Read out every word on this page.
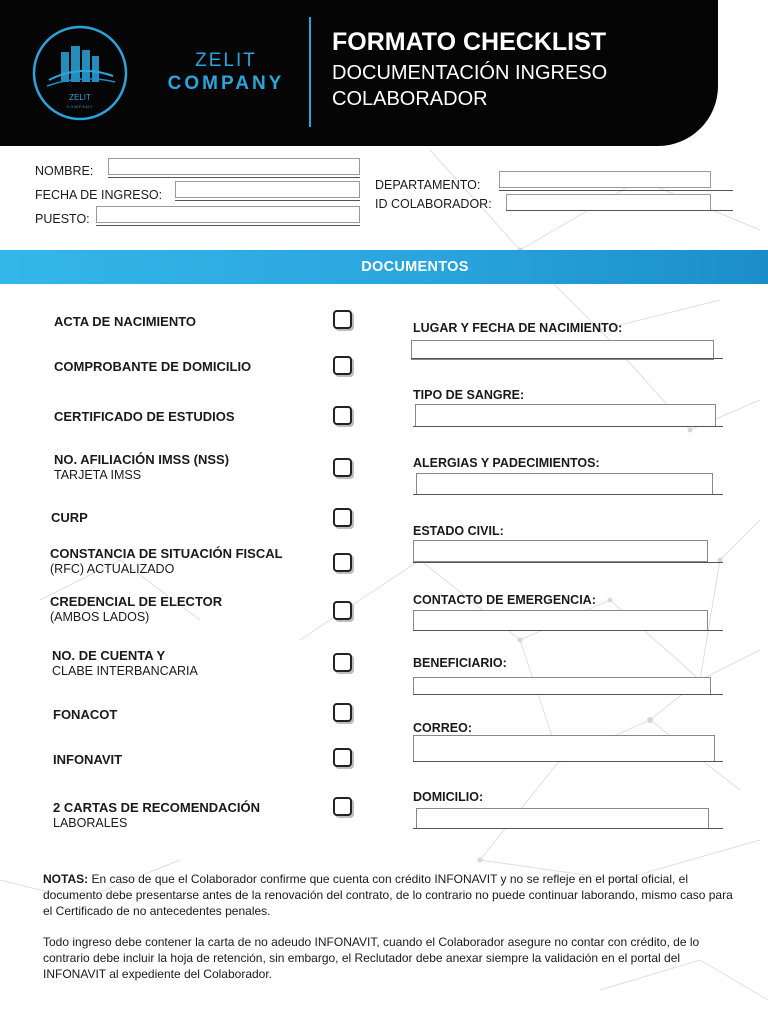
ZELIT
COMPANY
ZELIT
COMPANY
FORMATO CHECKLIST
DOCUMENTACIÓN INGRESO
COLABORADOR
NOMBRE:
FECHA DE INGRESO:
PUESTO:
DEPARTAMENTO:
ID COLABORADOR:
DOCUMENTOS
ACTA DE NACIMIENTO
COMPROBANTE DE DOMICILIO
CERTIFICADO DE ESTUDIOS
NO. AFILIACIÓN IMSS (NSS)
TARJETA IMSS
CURP
CONSTANCIA DE SITUACIÓN FISCAL
(RFC) ACTUALIZADO
CREDENCIAL DE ELECTOR
(AMBOS LADOS)
NO. DE CUENTA Y
CLABE INTERBANCARIA
FONACOT
INFONAVIT
2 CARTAS DE RECOMENDACIÓN
LABORALES
LUGAR Y FECHA DE NACIMIENTO:
TIPO DE SANGRE:
ALERGIAS Y PADECIMIENTOS:
ESTADO CIVIL:
CONTACTO DE EMERGENCIA:
BENEFICIARIO:
CORREO:
DOMICILIO:

NOTAS: En caso de que el Colaborador confirme que cuenta con crédito INFONAVIT y no se refleje en el portal oficial, el documento debe presentarse antes de la renovación del contrato, de lo contrario no puede continuar laborando, mismo caso para el Certificado de no antecedentes penales.

Todo ingreso debe contener la carta de no adeudo INFONAVIT, cuando el Colaborador asegure no contar con crédito, de lo contrario debe incluir la hoja de retención, sin embargo, el Reclutador debe anexar siempre la validación en el portal del INFONAVIT al expediente del Colaborador.
